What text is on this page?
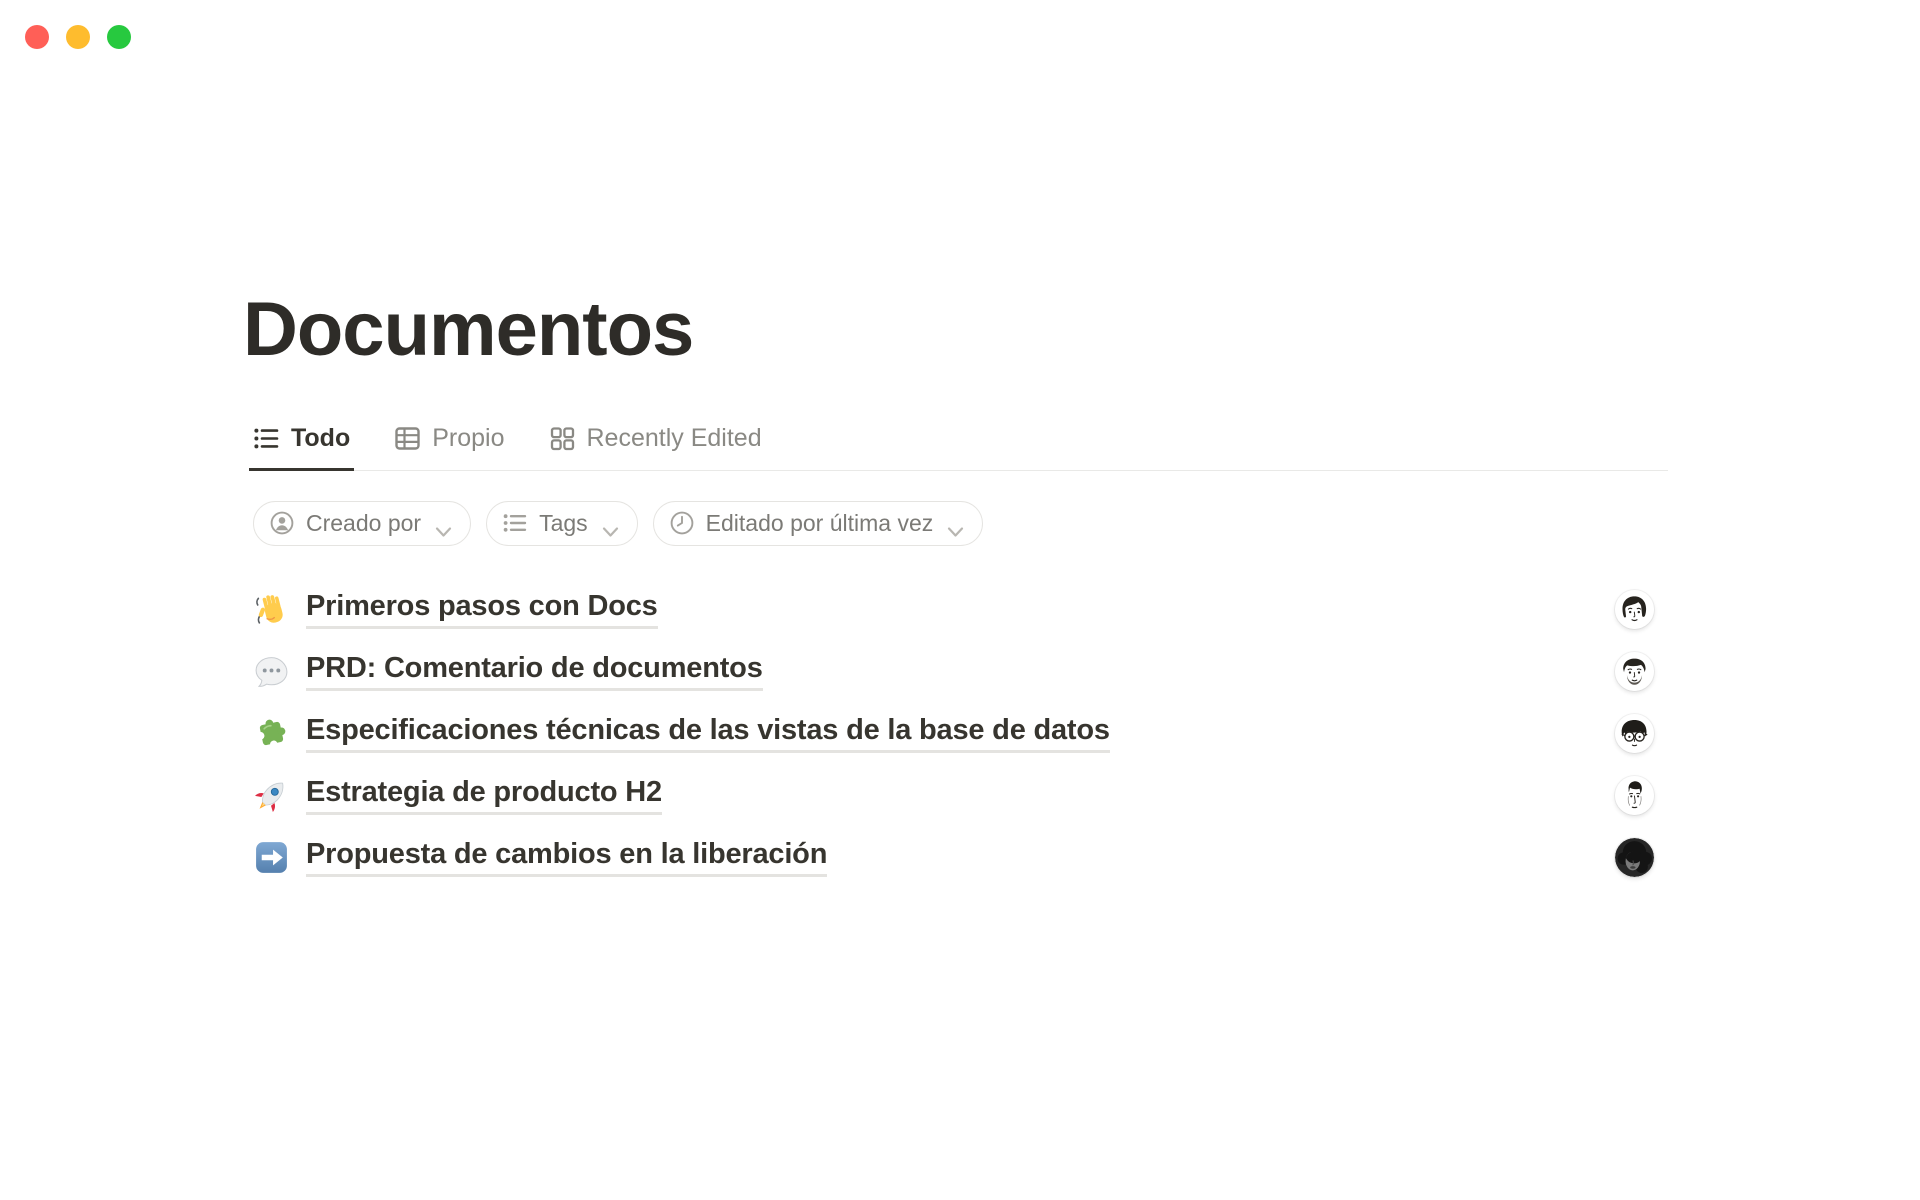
Documentos
Todo	Propio	Recently Edited
Creado por	Tags	Editado por última vez
Primeros pasos con Docs
PRD: Comentario de documentos
Especificaciones técnicas de las vistas de la base de datos
Estrategia de producto H2
Propuesta de cambios en la liberación
